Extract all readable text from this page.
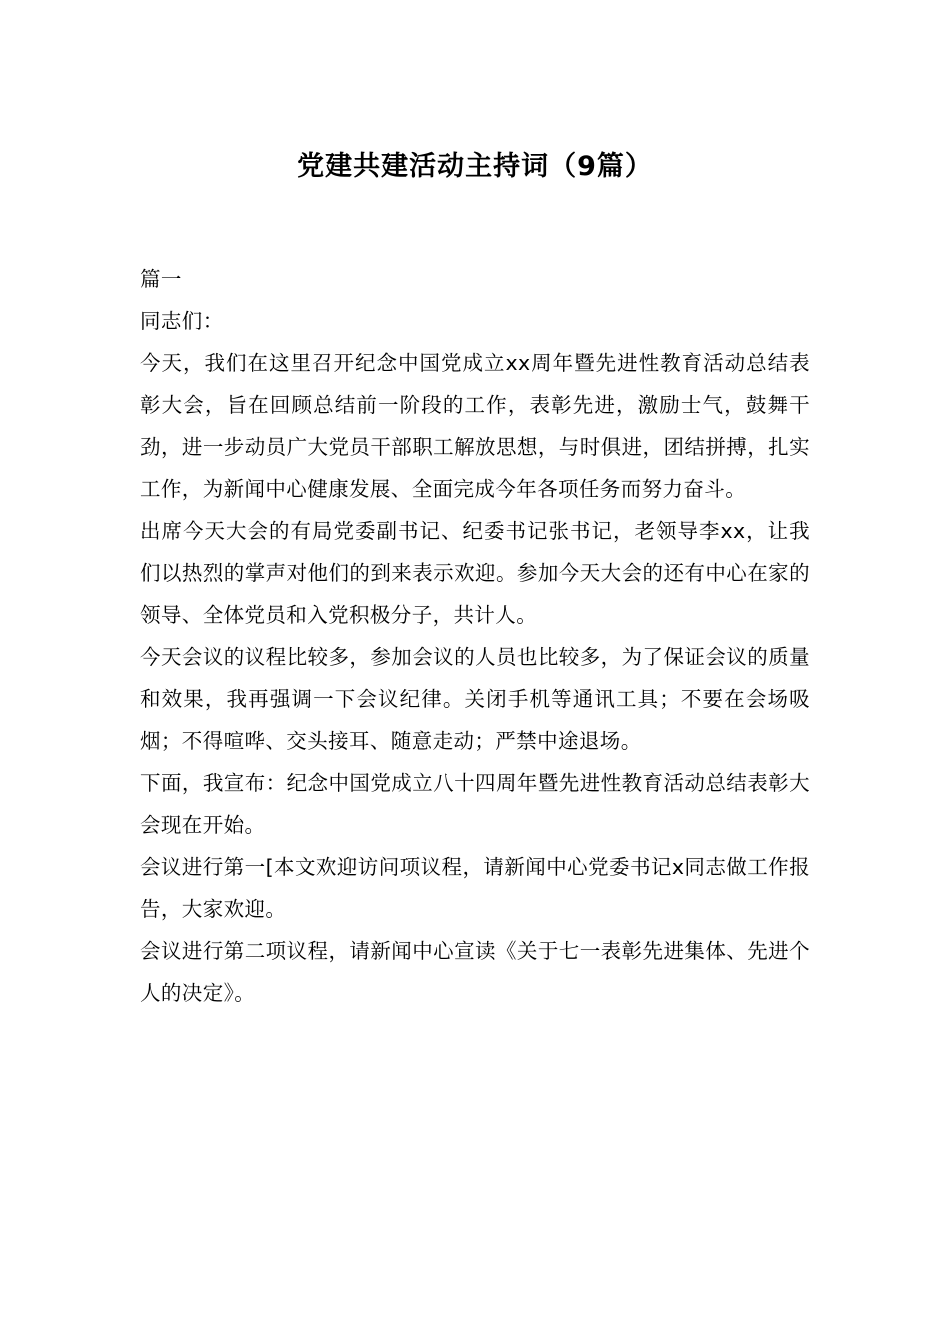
党建共建活动主持词（9篇）

篇一

同志们：

今天，我们在这里召开纪念中国党成立xx周年暨先进性教育活动总结表彰大会，旨在回顾总结前一阶段的工作，表彰先进，激励士气，鼓舞干劲，进一步动员广大党员干部职工解放思想，与时俱进，团结拼搏，扎实工作，为新闻中心健康发展、全面完成今年各项任务而努力奋斗。

出席今天大会的有局党委副书记、纪委书记张书记，老领导李xx，让我们以热烈的掌声对他们的到来表示欢迎。参加今天大会的还有中心在家的领导、全体党员和入党积极分子，共计人。

今天会议的议程比较多，参加会议的人员也比较多，为了保证会议的质量和效果，我再强调一下会议纪律。关闭手机等通讯工具；不要在会场吸烟；不得喧哗、交头接耳、随意走动；严禁中途退场。

下面，我宣布：纪念中国党成立八十四周年暨先进性教育活动总结表彰大会现在开始。

会议进行第一[本文欢迎访问项议程，请新闻中心党委书记x同志做工作报告，大家欢迎。

会议进行第二项议程，请新闻中心宣读《关于七一表彰先进集体、先进个人的决定》。
